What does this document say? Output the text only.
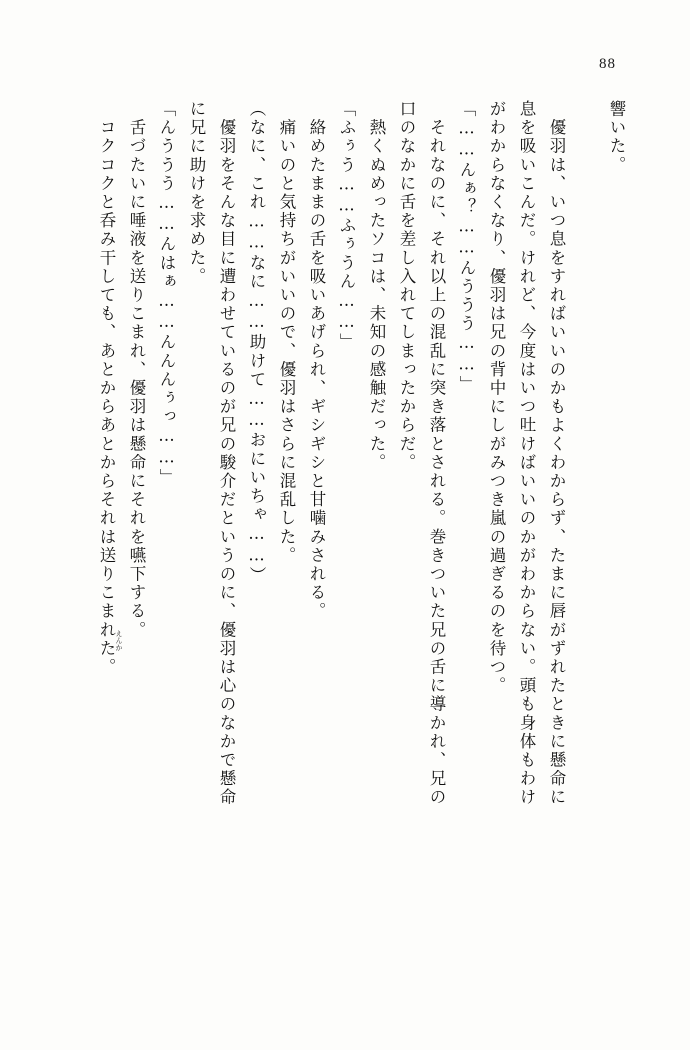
88
響いた。
　優羽は、いつ息をすればいいのかもよくわからず、たまに唇がずれたときに懸命に
息を吸いこんだ。けれど、今度はいつ吐けばいいのかがわからない。頭も身体もわけ
がわからなくなり、優羽は兄の背中にしがみつき嵐の過ぎるのを待つ。
「……んぁ？……んううう……」
　それなのに、それ以上の混乱に突き落とされる。巻きついた兄の舌に導かれ、兄の
口のなかに舌を差し入れてしまったからだ。
　熱くぬめったソコは、未知の感触だった。
「ふぅう……ふぅうん……」
　絡めたままの舌を吸いあげられ、ギシギシと甘噛みされる。
　痛いのと気持ちがいいので、優羽はさらに混乱した。
（なに、これ……なに……助けて……おにいちゃ……）
　優羽をそんな目に遭わせているのが兄の駿介だというのに、優羽は心のなかで懸命
に兄に助けを求めた。
「んううう……んはぁ……んんんぅっ……」
　舌づたいに唾液を送りこまれ、優羽は懸命にそれを嚥下する。
　コクコクと呑み干しても、あとからあとからそれは送りこまれた。 えんか
